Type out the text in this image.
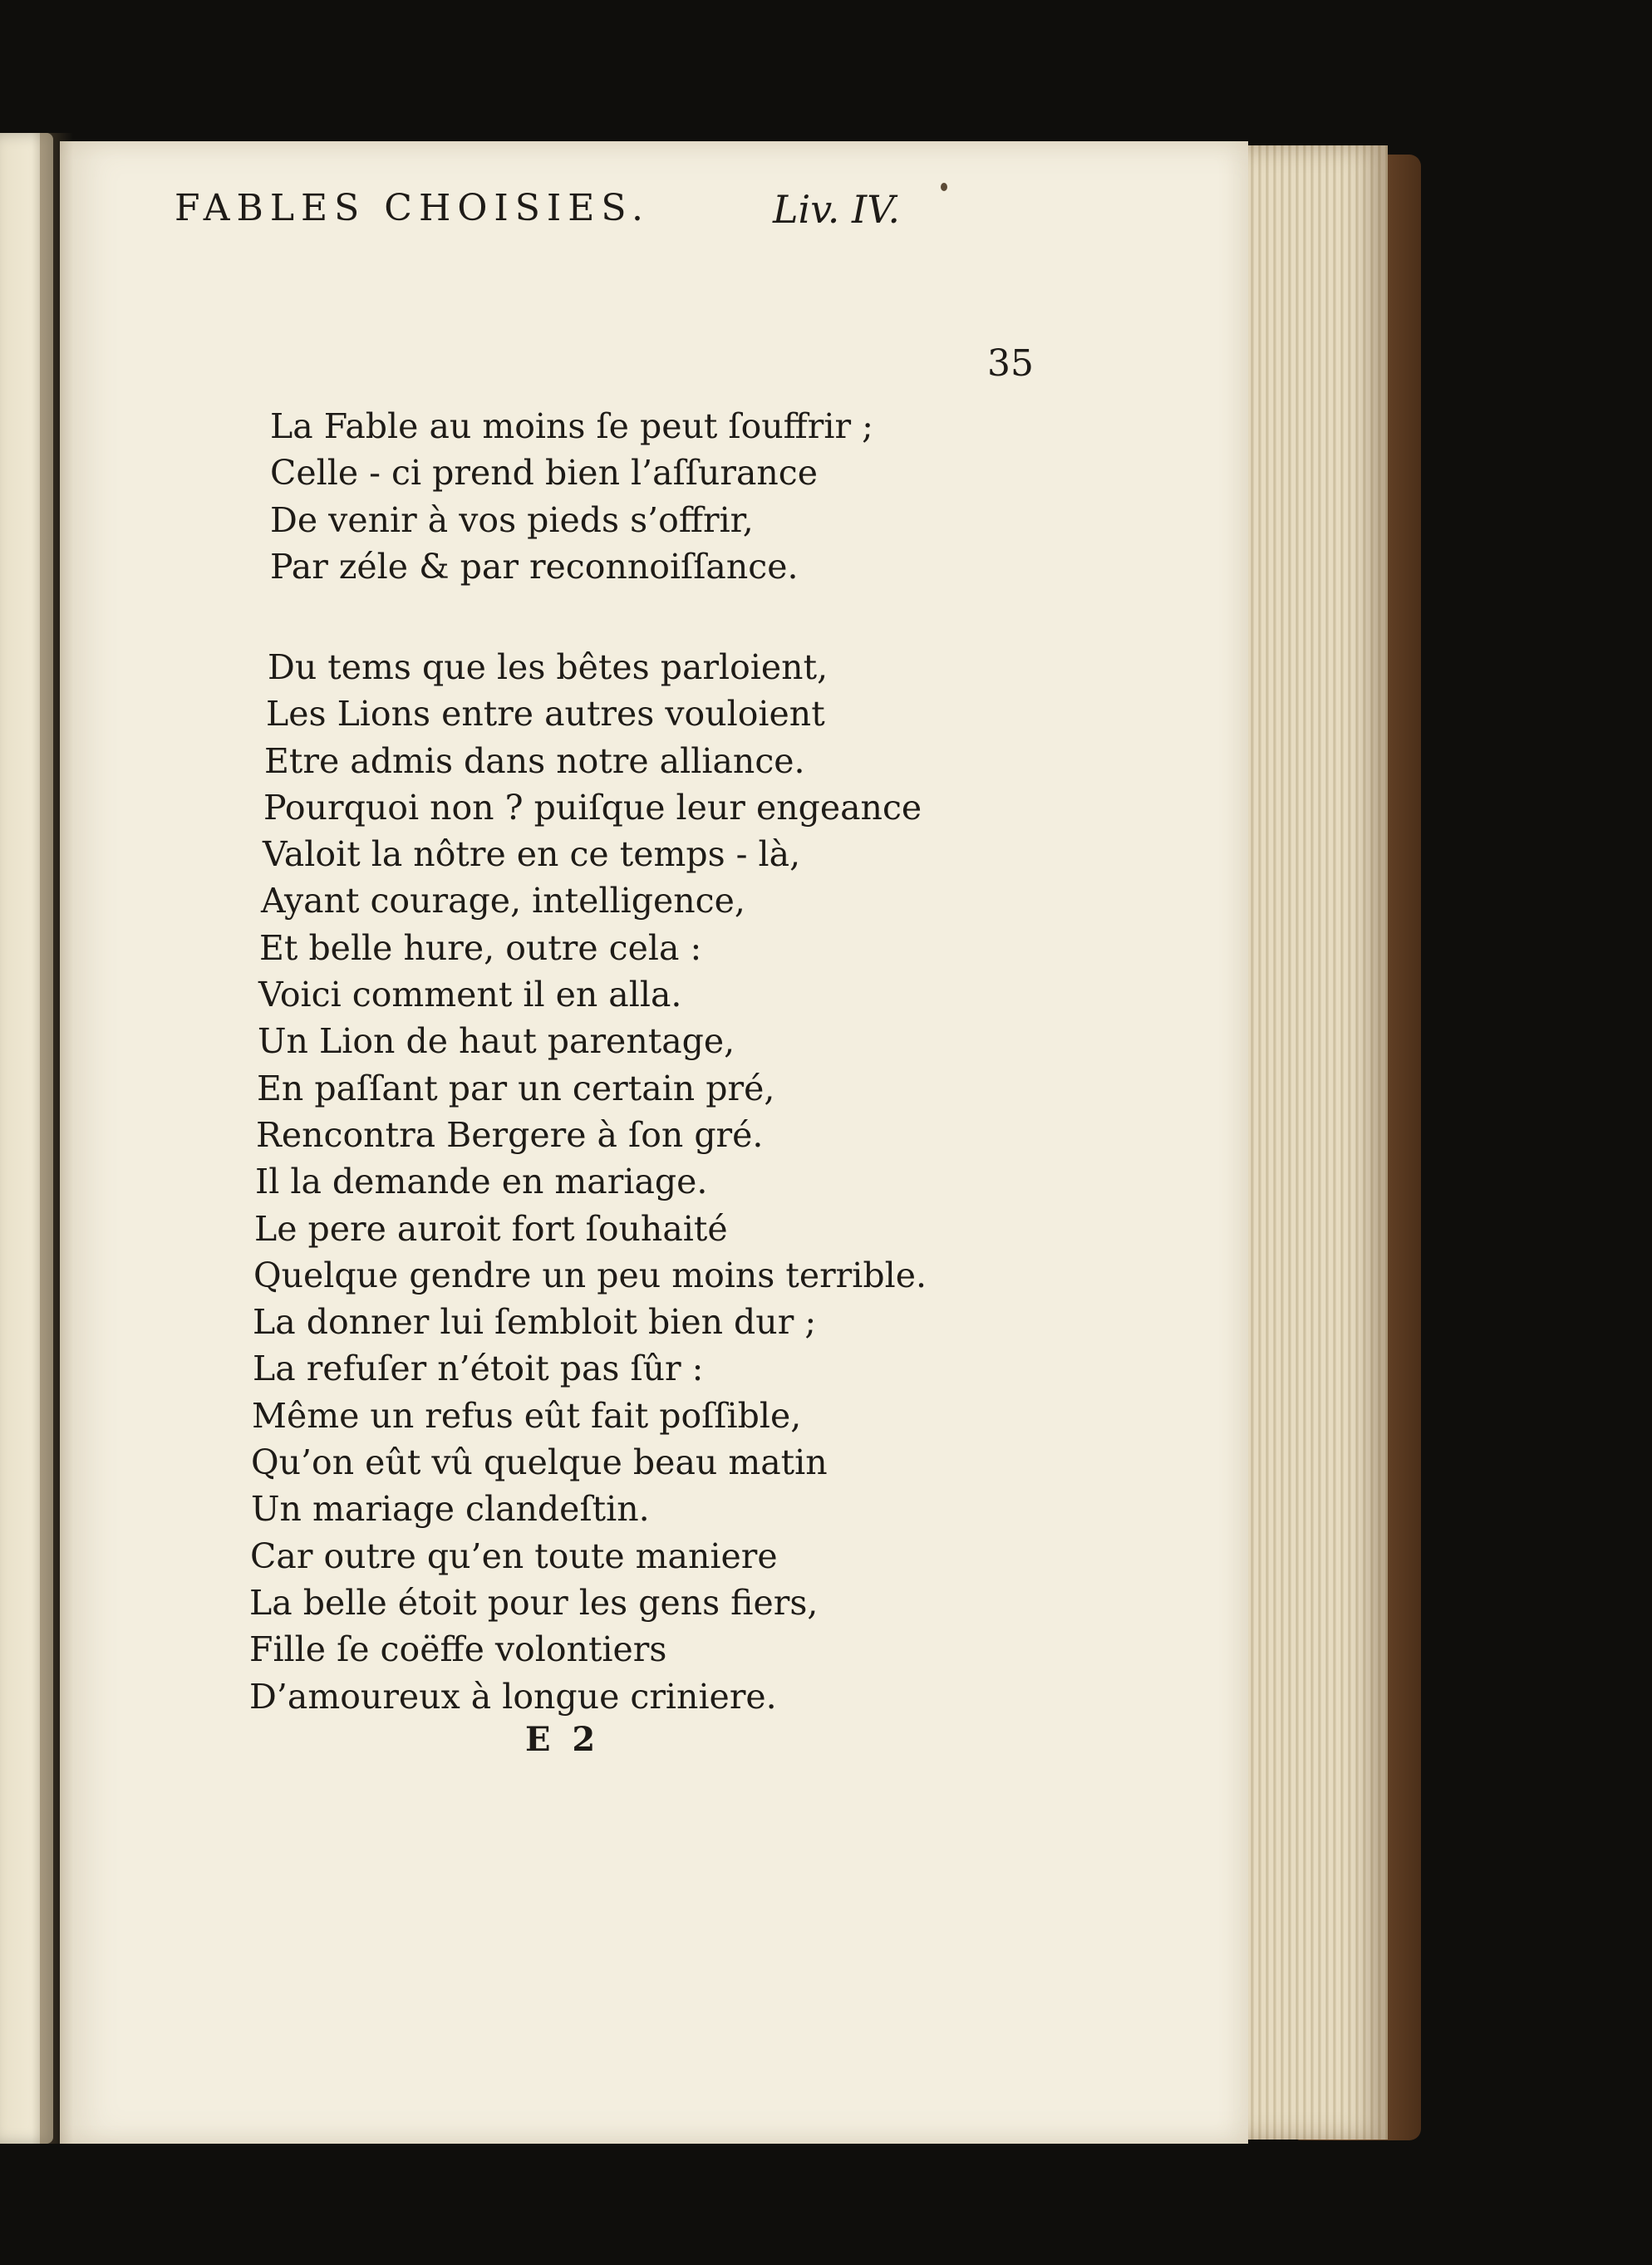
FABLES CHOISIES.	Liv. IV.
35
La Fable au moins ſe peut ſouffrir ;
Celle - ci prend bien l’aſſurance
De venir à vos pieds s’offrir,
Par zéle & par reconnoiſſance.
Du tems que les bêtes parloient,
Les Lions entre autres vouloient
Etre admis dans notre alliance.
Pourquoi non ? puiſque leur engeance
Valoit la nôtre en ce temps - là,
Ayant courage, intelligence,
Et belle hure, outre cela :
Voici comment il en alla.
Un Lion de haut parentage,
En paſſant par un certain pré,
Rencontra Bergere à ſon gré.
Il la demande en mariage.
Le pere auroit fort ſouhaité
Quelque gendre un peu moins terrible.
La donner lui ſembloit bien dur ;
La refuſer n’étoit pas ſûr :
Même un refus eût fait poſſible,
Qu’on eût vû quelque beau matin
Un mariage clandeſtin.
Car outre qu’en toute maniere
La belle étoit pour les gens fiers,
Fille ſe coëffe volontiers
D’amoureux à longue criniere.
E 2
